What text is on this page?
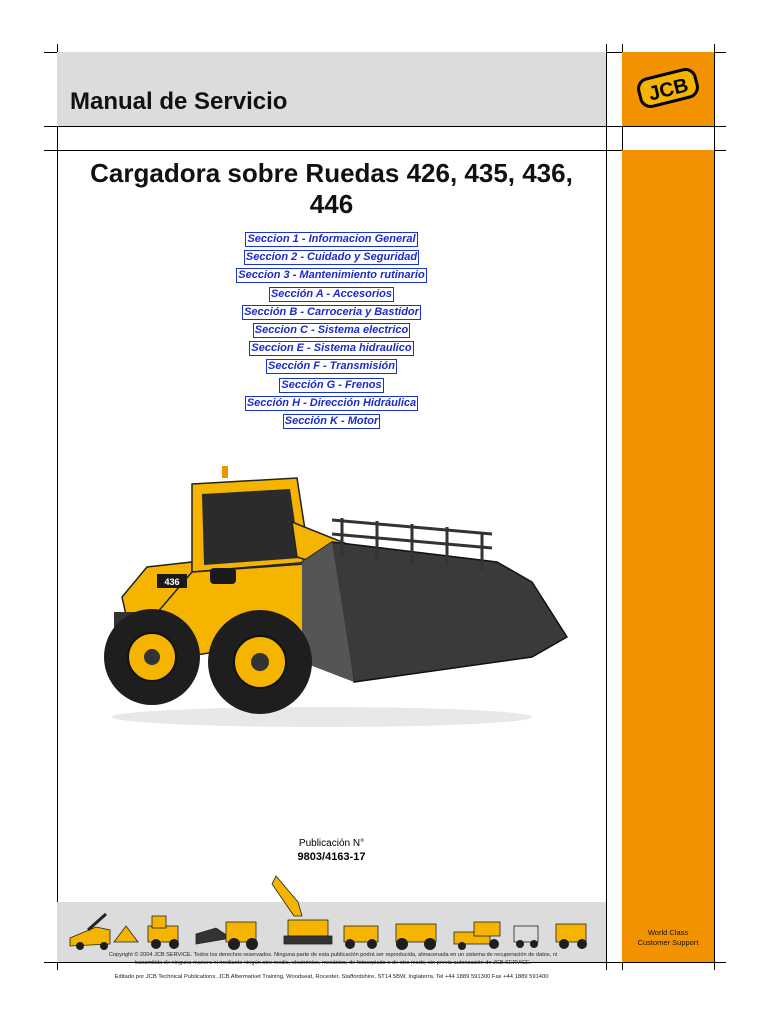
Manual de Servicio	JCB
World Class
Customer Support
Cargadora sobre Ruedas 426, 435, 436,
446
Seccion 1 - Informacion General
Seccion 2 - Cuidado y Seguridad
Seccion 3 - Mantenimiento rutinario
Sección A - Accesorios
Sección B - Carroceria y Bastidor
Seccion C - Sistema electrico
Seccion E - Sistema hidraulico
Sección F - Transmisión
Sección G - Frenos
Sección H - Dirección Hidráulica
Sección K - Motor
436
Publicación N°
9803/4163-17
Copyright © 2004 JCB SERVICE. Todos los derechos reservados. Ninguna parte de esta publicación podrá ser reproducida, almacenada en un sistema de recuperación de datos, ni
transmitida de ninguna manera ni mediante ningún otro medio, electrónico, mecánico, de fotocopiado o de otro modo, sin previa autorización de JCB SERVICE.
Editado por JCB Technical Publications, JCB Aftermarket Training, Woodseat, Rocester, Staffordshire, ST14 5BW, Inglaterra. Tel +44 1889 591300 Fax +44 1889 591400
